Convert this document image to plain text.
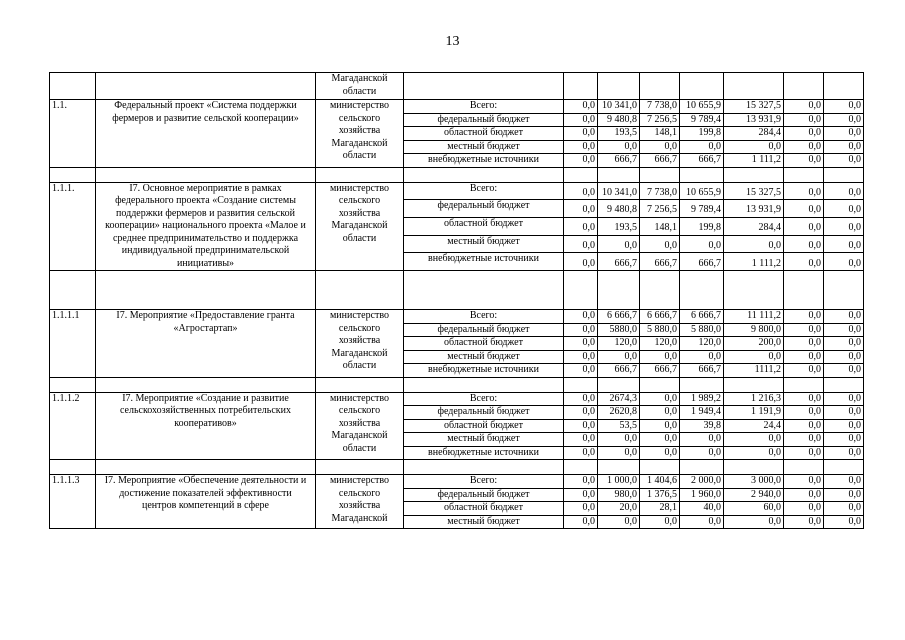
13
		Магаданской области								
1.1.	Федеральный проект «Система поддержки фермеров и развитие сельской кооперации»	министерство сельского хозяйства Магаданской области	Всего:	0,0	10 341,0	7 738,0	10 655,9	15 327,5	0,0	0,0
			федеральный бюджет	0,0	9 480,8	7 256,5	9 789,4	13 931,9	0,0	0,0
			областной бюджет	0,0	193,5	148,1	199,8	284,4	0,0	0,0
			местный бюджет	0,0	0,0	0,0	0,0	0,0	0,0	0,0
			внебюджетные источники	0,0	666,7	666,7	666,7	1 111,2	0,0	0,0

1.1.1.	I7. Основное мероприятие в рамках федерального проекта «Создание системы поддержки фермеров и развития сельской кооперации» национального проекта «Малое и среднее предпринимательство и поддержка индивидуальной предпринимательской инициативы»	министерство сельского хозяйства Магаданской области	Всего:	0,0	10 341,0	7 738,0	10 655,9	15 327,5	0,0	0,0
			федеральный бюджет	0,0	9 480,8	7 256,5	9 789,4	13 931,9	0,0	0,0
			областной бюджет	0,0	193,5	148,1	199,8	284,4	0,0	0,0
			местный бюджет	0,0	0,0	0,0	0,0	0,0	0,0	0,0
			внебюджетные источники	0,0	666,7	666,7	666,7	1 111,2	0,0	0,0

1.1.1.1	I7. Мероприятие «Предоставление гранта «Агростартап»	министерство сельского хозяйства Магаданской области	Всего:	0,0	6 666,7	6 666,7	6 666,7	11 111,2	0,0	0,0
			федеральный бюджет	0,0	5880,0	5 880,0	5 880,0	9 800,0	0,0	0,0
			областной бюджет	0,0	120,0	120,0	120,0	200,0	0,0	0,0
			местный бюджет	0,0	0,0	0,0	0,0	0,0	0,0	0,0
			внебюджетные источники	0,0	666,7	666,7	666,7	1111,2	0,0	0,0

1.1.1.2	I7. Мероприятие «Создание и развитие сельскохозяйственных потребительских кооперативов»	министерство сельского хозяйства Магаданской области	Всего:	0,0	2674,3	0,0	1 989,2	1 216,3	0,0	0,0
			федеральный бюджет	0,0	2620,8	0,0	1 949,4	1 191,9	0,0	0,0
			областной бюджет	0,0	53,5	0,0	39,8	24,4	0,0	0,0
			местный бюджет	0,0	0,0	0,0	0,0	0,0	0,0	0,0
			внебюджетные источники	0,0	0,0	0,0	0,0	0,0	0,0	0,0

1.1.1.3	I7. Мероприятие «Обеспечение деятельности и достижение показателей эффективности центров компетенций в сфере	министерство сельского хозяйства Магаданской	Всего:	0,0	1 000,0	1 404,6	2 000,0	3 000,0	0,0	0,0
			федеральный бюджет	0,0	980,0	1 376,5	1 960,0	2 940,0	0,0	0,0
			областной бюджет	0,0	20,0	28,1	40,0	60,0	0,0	0,0
			местный бюджет	0,0	0,0	0,0	0,0	0,0	0,0	0,0
